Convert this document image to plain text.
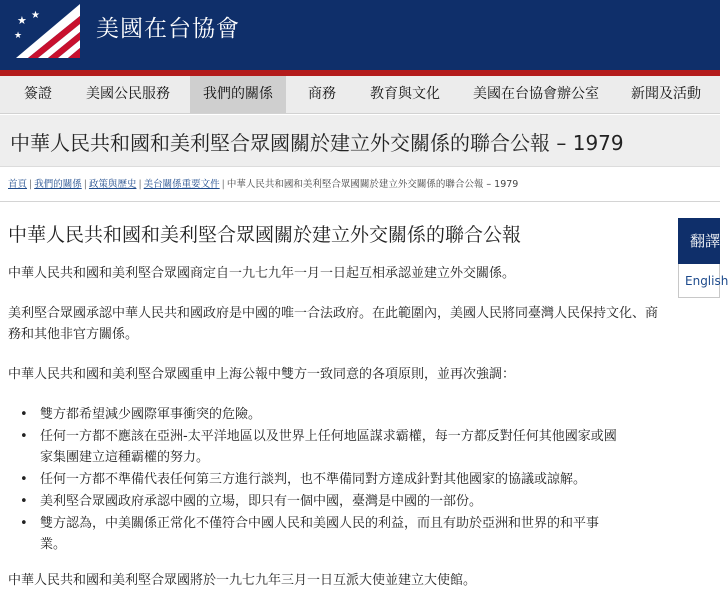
★ ★
★	美國在台協會
簽證	美國公民服務	我們的關係	商務	教育與文化	美國在台協會辦公室	新聞及活動
中華人民共和國和美利堅合眾國關於建立外交關係的聯合公報 – 1979
首頁 | 我們的關係 | 政策與歷史 | 美台關係重要文件 | 中華人民共和國和美利堅合眾國關於建立外交關係的聯合公報 – 1979
中華人民共和國和美利堅合眾國關於建立外交關係的聯合公報

中華人民共和國和美利堅合眾國商定自一九七九年一月一日起互相承認並建立外交關係。

美利堅合眾國承認中華人民共和國政府是中國的唯一合法政府。在此範圍內，美國人民將同臺灣人民保持文化、商務和其他非官方關係。

中華人民共和國和美利堅合眾國重申上海公報中雙方一致同意的各項原則，並再次強調：

• 雙方都希望減少國際軍事衝突的危險。
• 任何一方都不應該在亞洲-太平洋地區以及世界上任何地區謀求霸權，每一方都反對任何其他國家或國家集團建立這種霸權的努力。
• 任何一方都不準備代表任何第三方進行談判，也不準備同對方達成針對其他國家的協議或諒解。
• 美利堅合眾國政府承認中國的立場，即只有一個中國，臺灣是中國的一部份。
• 雙方認為，中美關係正常化不僅符合中國人民和美國人民的利益，而且有助於亞洲和世界的和平事業。

中華人民共和國和美利堅合眾國將於一九七九年三月一日互派大使並建立大使館。

翻譯
English
